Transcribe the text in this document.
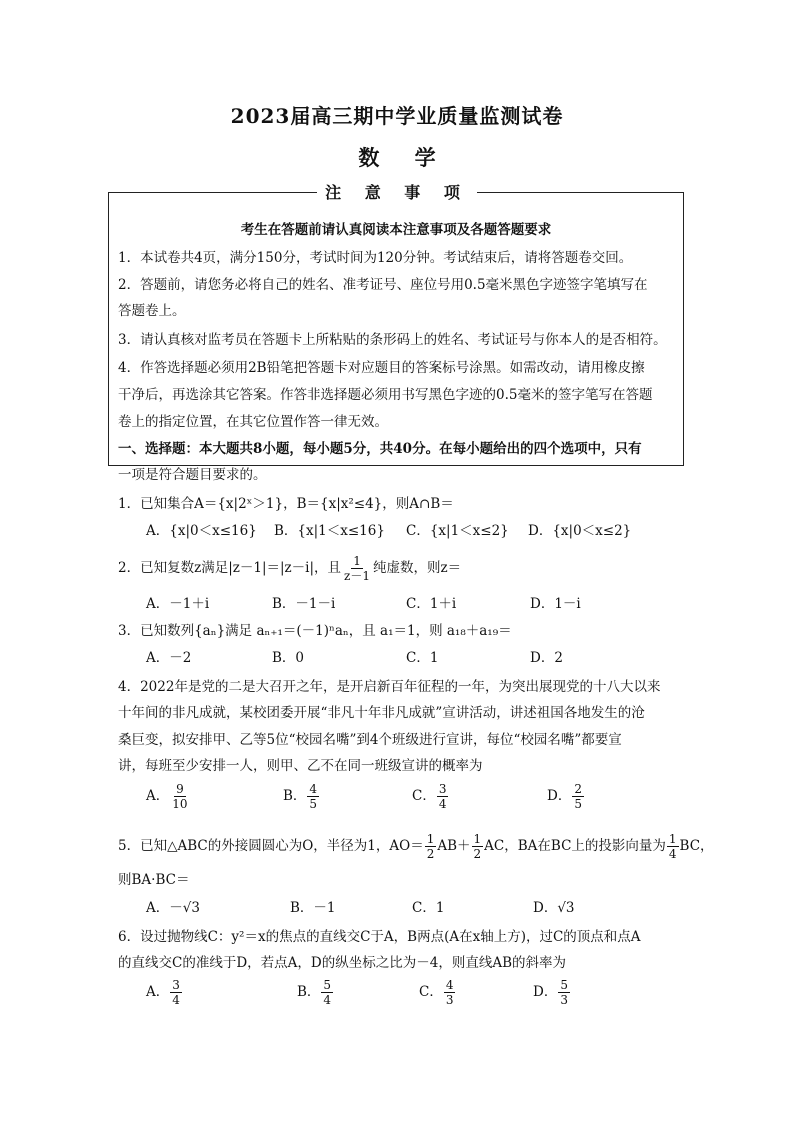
2023届高三期中学业质量监测试卷
数 学
注 意 事 项
考生在答题前请认真阅读本注意事项及各题答题要求
1．本试卷共4页，满分150分，考试时间为120分钟。考试结束后，请将答题卷交回。
2．答题前，请您务必将自己的姓名、准考证号、座位号用0.5毫米黑色字迹签字笔填写在
答题卷上。
3．请认真核对监考员在答题卡上所粘贴的条形码上的姓名、考试证号与你本人的是否相符。
4．作答选择题必须用2B铅笔把答题卡对应题目的答案标号涂黑。如需改动，请用橡皮擦
干净后，再选涂其它答案。作答非选择题必须用书写黑色字迹的0.5毫米的签字笔写在答题
卷上的指定位置，在其它位置作答一律无效。
一、选择题：本大题共8小题，每小题5分，共40分。在每小题给出的四个选项中，只有
一项是符合题目要求的。
1．已知集合A＝{x|2ˣ＞1}，B＝{x|x²≤4}，则A∩B＝
A．{x|0＜x≤16} B．{x|1＜x≤16} C．{x|1＜x≤2} D．{x|0＜x≤2}
2．已知复数z满足|z－1|＝|z－i|，且 $\frac{1}{z-1}$ 纯虚数，则z＝
A．－1＋i	B．－1－i	C．1＋i	D．1－i
3．已知数列{aₙ}满足 aₙ₊₁＝(－1)ⁿaₙ，且 a₁＝1，则 a₁₈＋a₁₉＝
A．－2	B．0	C．1	D．2
4．2022年是党的二是大召开之年，是开启新百年征程的一年，为突出展现党的十八大以来
十年间的非凡成就，某校团委开展“非凡十年非凡成就”宣讲活动，讲述祖国各地发生的沧
桑巨变，拟安排甲、乙等5位“校园名嘴”到4个班级进行宣讲，每位“校园名嘴”都要宣
讲，每班至少安排一人，则甲、乙不在同一班级宣讲的概率为
A． $\frac{9}{10}$	B． $\frac{4}{5}$	C． $\frac{3}{4}$	D． $\frac{2}{5}$
5．已知△ABC的外接圆圆心为O，半径为1，$AO= \frac{1}{2} AB+ \frac{1}{2}$ AC，BA在BC上的投影向量为 $\frac{1}{4}$ BC，
则BA·BC＝
A．－√3	B．－1	C．1	D．√3
6．设过抛物线C：y²＝x的焦点的直线交C于A，B两点(A在x轴上方)，过C的顶点和点A
的直线交C的准线于D，若点A，D的纵坐标之比为－4，则直线AB的斜率为
A． $\frac{3}{4}$	B． $\frac{5}{4}$	C． $\frac{4}{3}$	D． $\frac{5}{3}$
